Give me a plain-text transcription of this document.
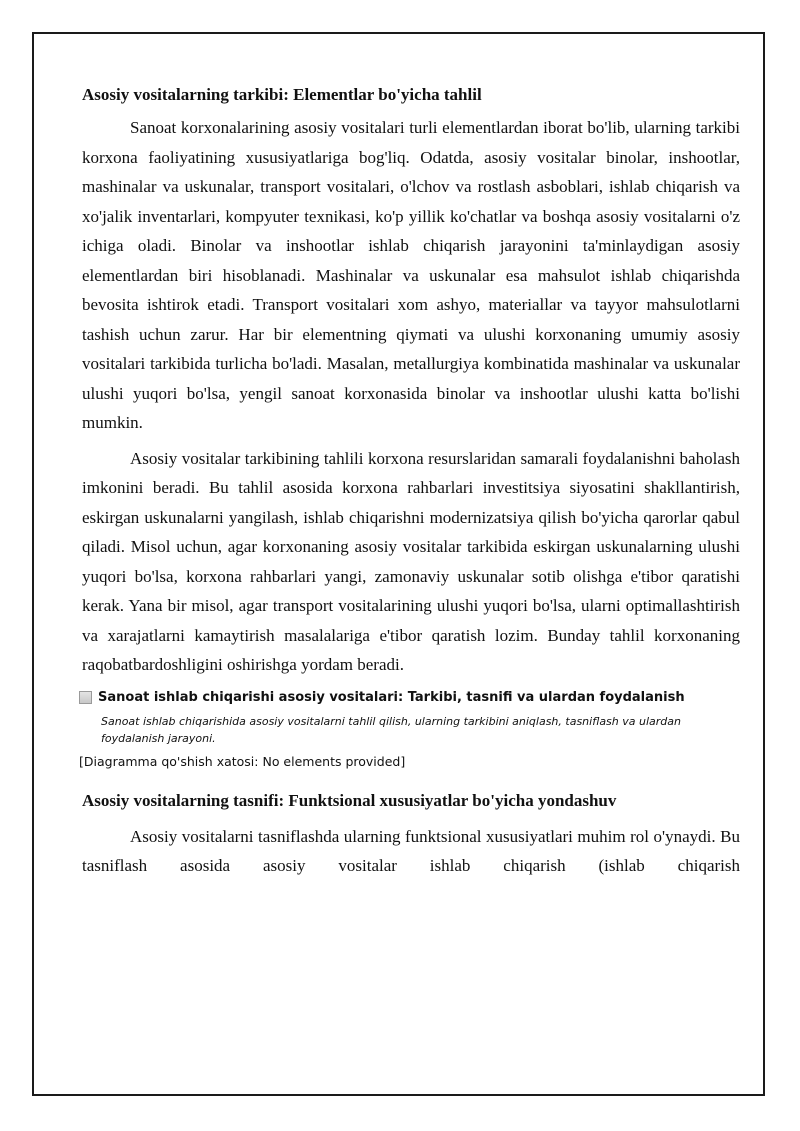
Asosiy vositalarning tarkibi: Elementlar bo'yicha tahlil

Sanoat korxonalarining asosiy vositalari turli elementlardan iborat bo'lib, ularning tarkibi korxona faoliyatining xususiyatlariga bog'liq. Odatda, asosiy vositalar binolar, inshootlar, mashinalar va uskunalar, transport vositalari, o'lchov va rostlash asboblari, ishlab chiqarish va xo'jalik inventarlari, kompyuter texnikasi, ko'p yillik ko'chatlar va boshqa asosiy vositalarni o'z ichiga oladi. Binolar va inshootlar ishlab chiqarish jarayonini ta'minlaydigan asosiy elementlardan biri hisoblanadi. Mashinalar va uskunalar esa mahsulot ishlab chiqarishda bevosita ishtirok etadi. Transport vositalari xom ashyo, materiallar va tayyor mahsulotlarni tashish uchun zarur. Har bir elementning qiymati va ulushi korxonaning umumiy asosiy vositalari tarkibida turlicha bo'ladi. Masalan, metallurgiya kombinatida mashinalar va uskunalar ulushi yuqori bo'lsa, yengil sanoat korxonasida binolar va inshootlar ulushi katta bo'lishi mumkin.

Asosiy vositalar tarkibining tahlili korxona resurslaridan samarali foydalanishni baholash imkonini beradi. Bu tahlil asosida korxona rahbarlari investitsiya siyosatini shakllantirish, eskirgan uskunalarni yangilash, ishlab chiqarishni modernizatsiya qilish bo'yicha qarorlar qabul qiladi. Misol uchun, agar korxonaning asosiy vositalar tarkibida eskirgan uskunalarning ulushi yuqori bo'lsa, korxona rahbarlari yangi, zamonaviy uskunalar sotib olishga e'tibor qaratishi kerak. Yana bir misol, agar transport vositalarining ulushi yuqori bo'lsa, ularni optimallashtirish va xarajatlarni kamaytirish masalalariga e'tibor qaratish lozim. Bunday tahlil korxonaning raqobatbardoshligini oshirishga yordam beradi.

Sanoat ishlab chiqarishi asosiy vositalari: Tarkibi, tasnifi va ulardan foydalanish
Sanoat ishlab chiqarishida asosiy vositalarni tahlil qilish, ularning tarkibini aniqlash, tasniflash va ulardan foydalanish jarayoni.
[Diagramma qo'shish xatosi: No elements provided]
Asosiy vositalarning tasnifi: Funktsional xususiyatlar bo'yicha yondashuv

Asosiy vositalarni tasniflashda ularning funktsional xususiyatlari muhim rol o'ynaydi. Bu tasniflash asosida asosiy vositalar ishlab chiqarish (ishlab chiqarish
